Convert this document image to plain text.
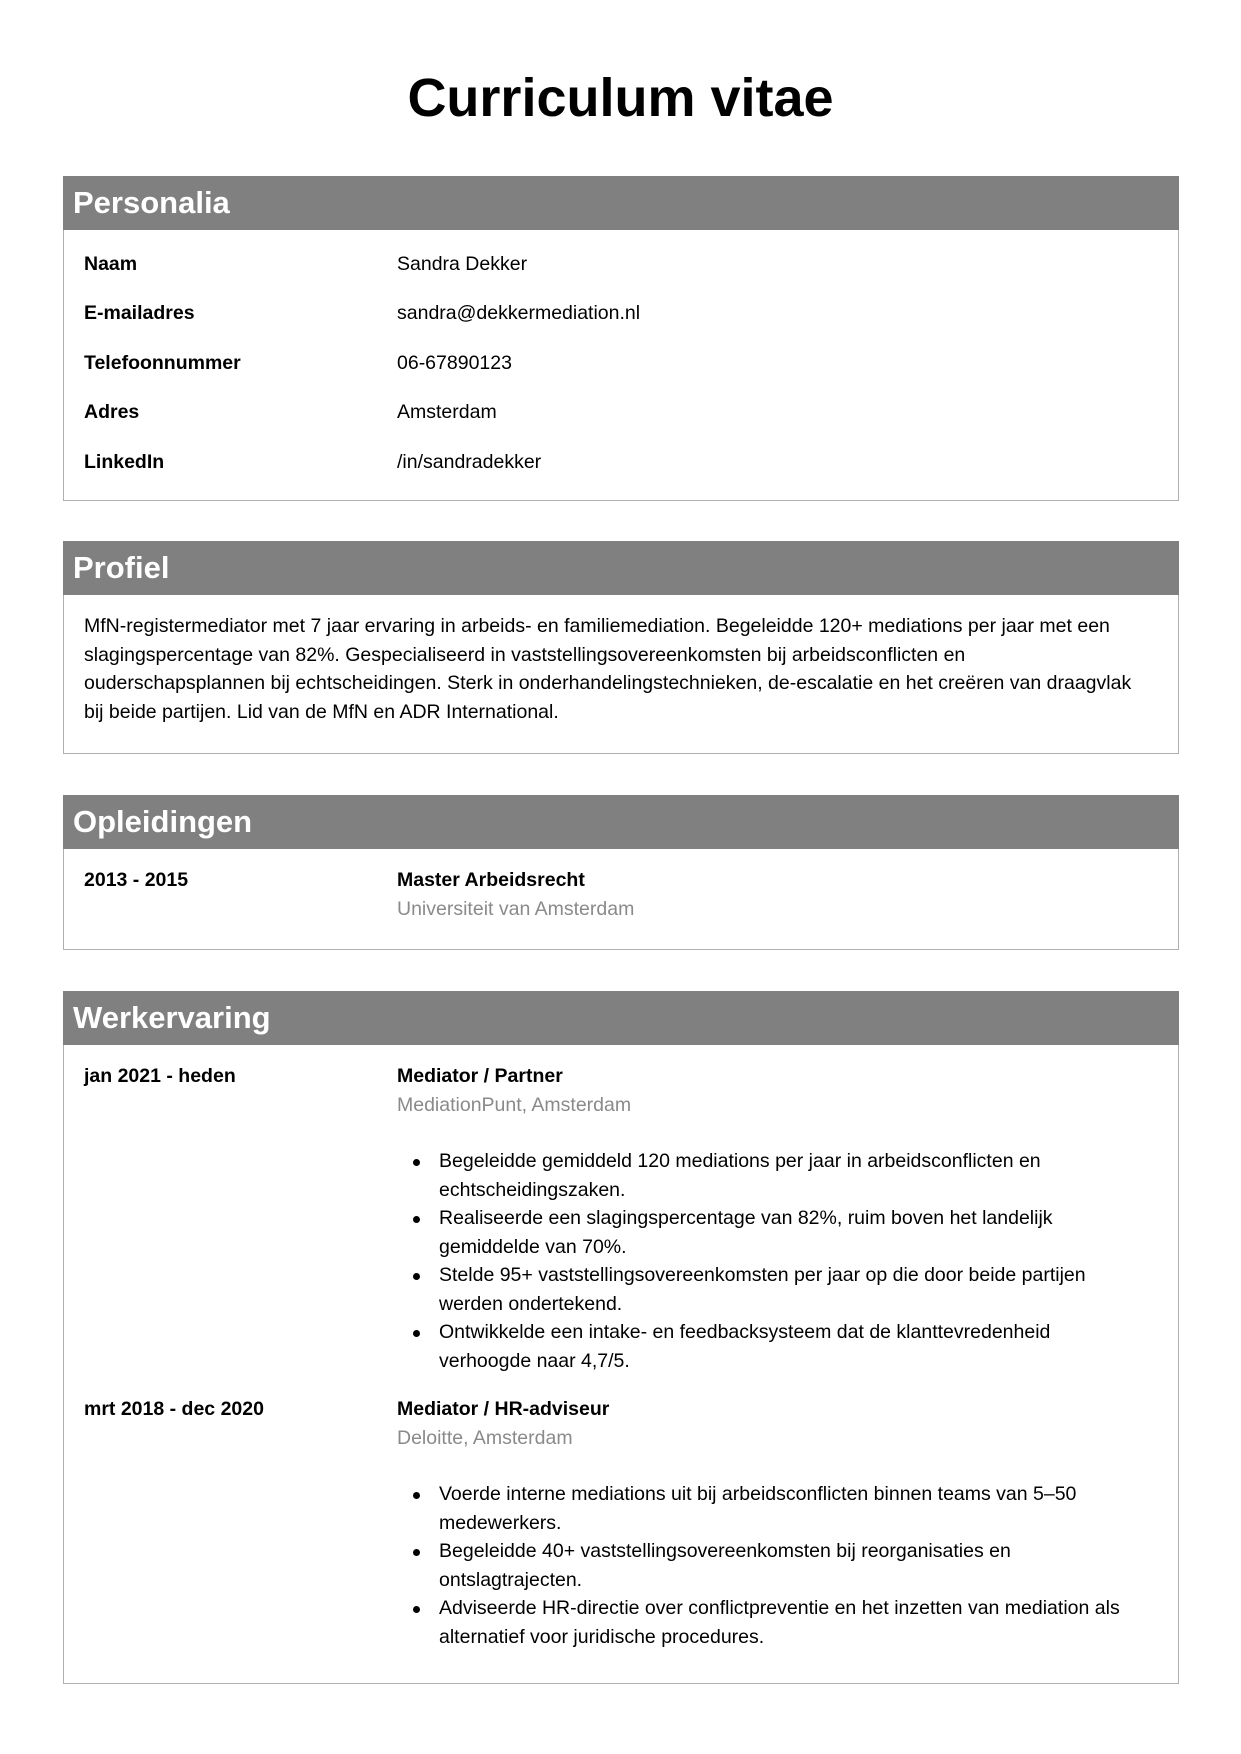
Curriculum vitae
Personalia
Naam	Sandra Dekker
E-mailadres	sandra@dekkermediation.nl
Telefoonnummer	06-67890123
Adres	Amsterdam
LinkedIn	/in/sandradekker
Profiel

MfN-registermediator met 7 jaar ervaring in arbeids- en familiemediation. Begeleidde 120+ mediations per jaar met een slagingspercentage van 82%. Gespecialiseerd in vaststellingsovereenkomsten bij arbeidsconflicten en ouderschapsplannen bij echtscheidingen. Sterk in onderhandelingstechnieken, de-escalatie en het creëren van draagvlak bij beide partijen. Lid van de MfN en ADR International.

Opleidingen
2013 - 2015	Master Arbeidsrecht
Universiteit van Amsterdam
Werkervaring
jan 2021 - heden	Mediator / Partner
MediationPunt, Amsterdam
Begeleidde gemiddeld 120 mediations per jaar in arbeidsconflicten en echtscheidingszaken.
Realiseerde een slagingspercentage van 82%, ruim boven het landelijk gemiddelde van 70%.
Stelde 95+ vaststellingsovereenkomsten per jaar op die door beide partijen werden ondertekend.
Ontwikkelde een intake- en feedbacksysteem dat de klanttevredenheid verhoogde naar 4,7/5.
mrt 2018 - dec 2020	Mediator / HR-adviseur
Deloitte, Amsterdam
Voerde interne mediations uit bij arbeidsconflicten binnen teams van 5–50 medewerkers.
Begeleidde 40+ vaststellingsovereenkomsten bij reorganisaties en ontslagtrajecten.
Adviseerde HR-directie over conflictpreventie en het inzetten van mediation als alternatief voor juridische procedures.
